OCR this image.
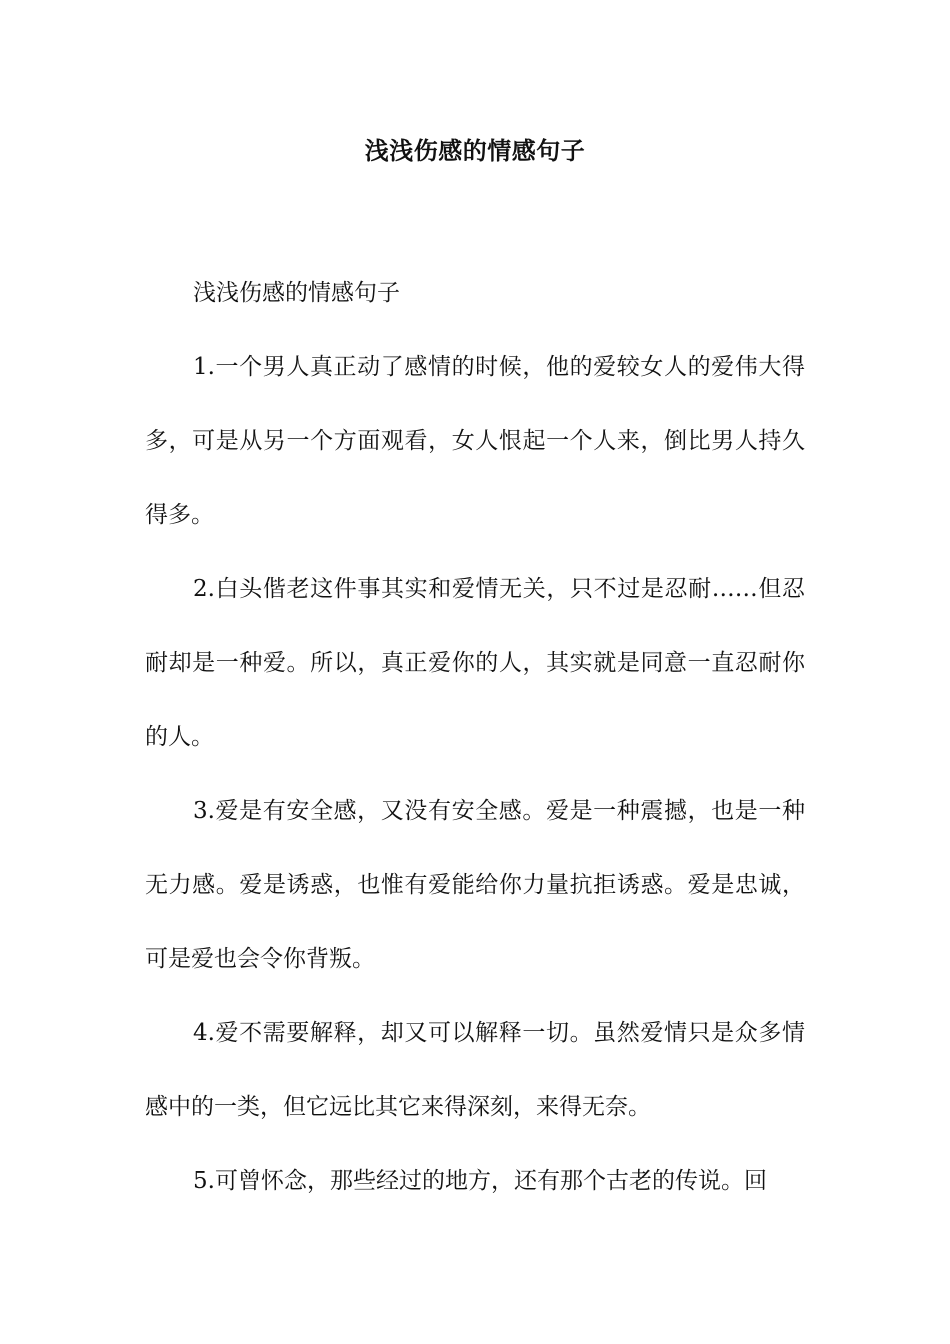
浅浅伤感的情感句子

浅浅伤感的情感句子

1.一个男人真正动了感情的时候，他的爱较女人的爱伟大得多，可是从另一个方面观看，女人恨起一个人来，倒比男人持久得多。

2.白头偕老这件事其实和爱情无关，只不过是忍耐……但忍耐却是一种爱。所以，真正爱你的人，其实就是同意一直忍耐你的人。

3.爱是有安全感，又没有安全感。爱是一种震撼，也是一种无力感。爱是诱惑，也惟有爱能给你力量抗拒诱惑。爱是忠诚，可是爱也会令你背叛。

4.爱不需要解释，却又可以解释一切。虽然爱情只是众多情感中的一类，但它远比其它来得深刻，来得无奈。

5.可曾怀念，那些经过的地方，还有那个古老的传说。回
